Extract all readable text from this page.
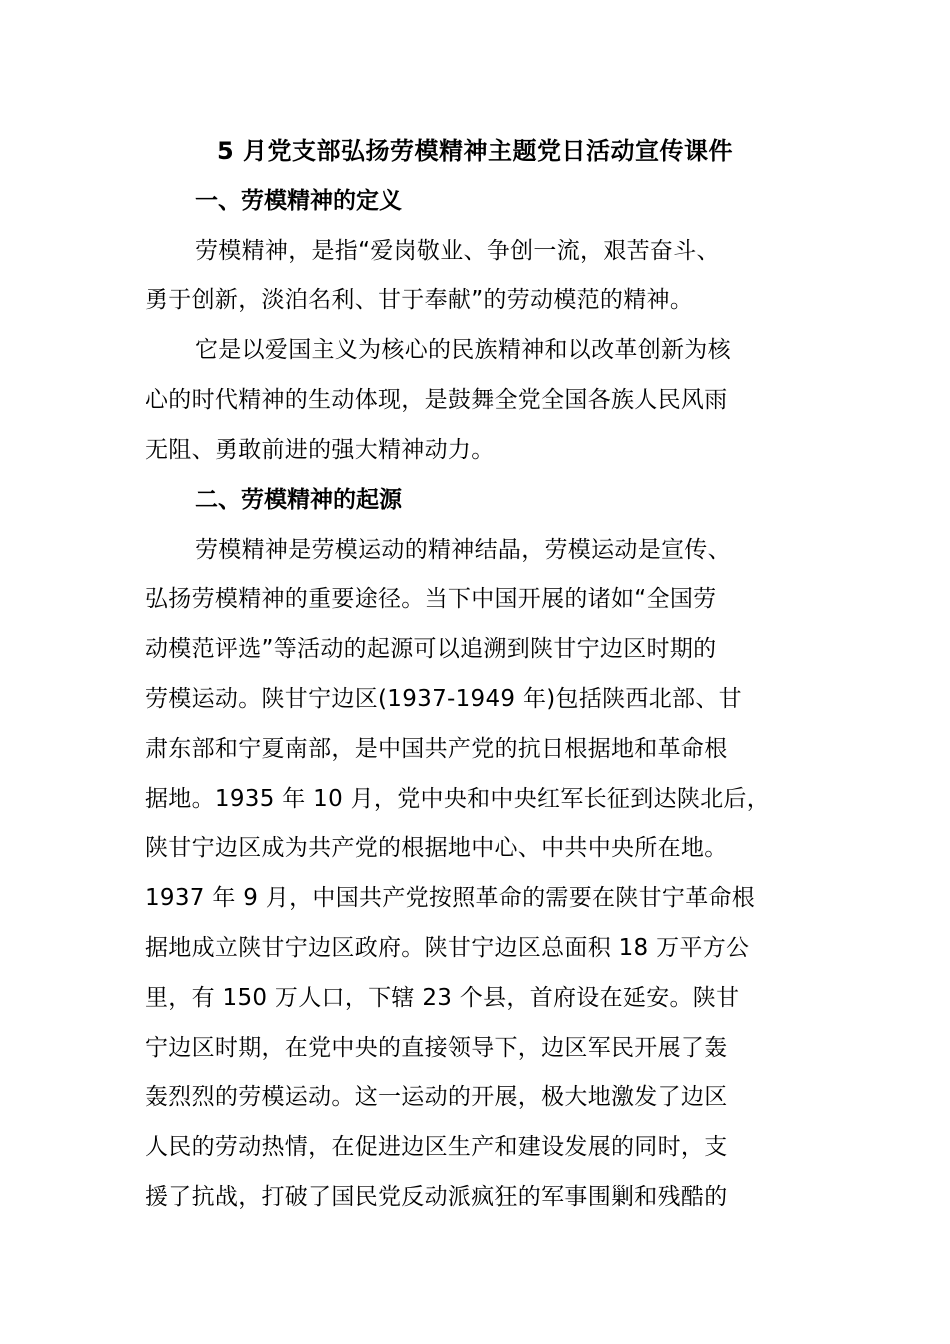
5 月党支部弘扬劳模精神主题党日活动宣传课件
一、劳模精神的定义
劳模精神，是指“爱岗敬业、争创一流，艰苦奋斗、
勇于创新，淡泊名利、甘于奉献”的劳动模范的精神。
它是以爱国主义为核心的民族精神和以改革创新为核
心的时代精神的生动体现，是鼓舞全党全国各族人民风雨
无阻、勇敢前进的强大精神动力。
二、劳模精神的起源
劳模精神是劳模运动的精神结晶，劳模运动是宣传、
弘扬劳模精神的重要途径。当下中国开展的诸如“全国劳
动模范评选”等活动的起源可以追溯到陕甘宁边区时期的
劳模运动。陕甘宁边区(1937-1949 年)包括陕西北部、甘
肃东部和宁夏南部，是中国共产党的抗日根据地和革命根
据地。1935 年 10 月，党中央和中央红军长征到达陕北后，
陕甘宁边区成为共产党的根据地中心、中共中央所在地。
1937 年 9 月，中国共产党按照革命的需要在陕甘宁革命根
据地成立陕甘宁边区政府。陕甘宁边区总面积 18 万平方公
里，有 150 万人口，下辖 23 个县，首府设在延安。陕甘
宁边区时期，在党中央的直接领导下，边区军民开展了轰
轰烈烈的劳模运动。这一运动的开展，极大地激发了边区
人民的劳动热情，在促进边区生产和建设发展的同时，支
援了抗战，打破了国民党反动派疯狂的军事围剿和残酷的
